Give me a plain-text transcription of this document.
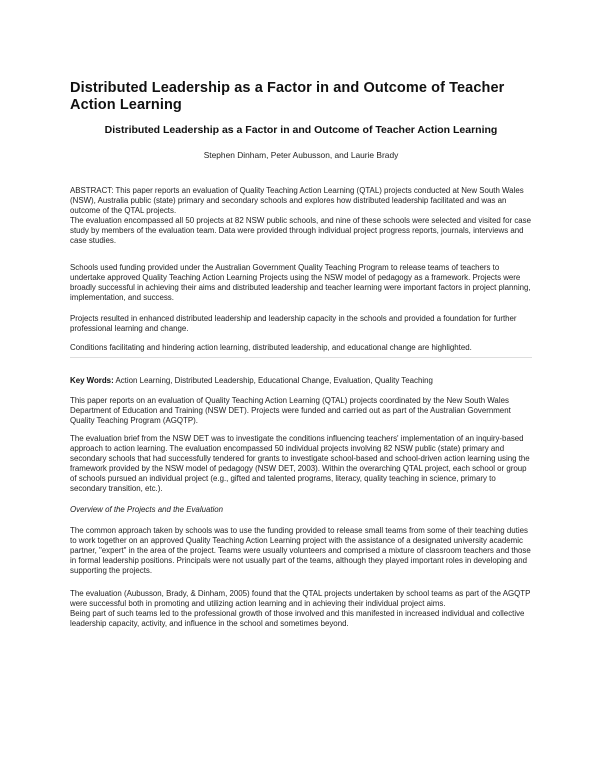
Distributed Leadership as a Factor in and Outcome of Teacher Action Learning
Distributed Leadership as a Factor in and Outcome of Teacher Action Learning

Stephen Dinham, Peter Aubusson, and Laurie Brady

ABSTRACT: This paper reports an evaluation of Quality Teaching Action Learning (QTAL) projects conducted at New South Wales (NSW), Australia public (state) primary and secondary schools and explores how distributed leadership facilitated and was an outcome of the QTAL projects.

The evaluation encompassed all 50 projects at 82 NSW public schools, and nine of these schools were selected and visited for case study by members of the evaluation team. Data were provided through individual project progress reports, journals, interviews and case studies.

Schools used funding provided under the Australian Government Quality Teaching Program to release teams of teachers to undertake approved Quality Teaching Action Learning Projects using the NSW model of pedagogy as a framework. Projects were broadly successful in achieving their aims and distributed leadership and teacher learning were important factors in project planning, implementation, and success.

Projects resulted in enhanced distributed leadership and leadership capacity in the schools and provided a foundation for further professional learning and change.

Conditions facilitating and hindering action learning, distributed leadership, and educational change are highlighted.

Key Words: Action Learning, Distributed Leadership, Educational Change, Evaluation, Quality Teaching

This paper reports on an evaluation of Quality Teaching Action Learning (QTAL) projects coordinated by the New South Wales Department of Education and Training (NSW DET). Projects were funded and carried out as part of the Australian Government Quality Teaching Program (AGQTP).

The evaluation brief from the NSW DET was to investigate the conditions influencing teachers' implementation of an inquiry-based approach to action learning. The evaluation encompassed 50 individual projects involving 82 NSW public (state) primary and secondary schools that had successfully tendered for grants to investigate school-based and school-driven action learning using the framework provided by the NSW model of pedagogy (NSW DET, 2003). Within the overarching QTAL project, each school or group of schools pursued an individual project (e.g., gifted and talented programs, literacy, quality teaching in science, primary to secondary transition, etc.).

Overview of the Projects and the Evaluation

The common approach taken by schools was to use the funding provided to release small teams from some of their teaching duties to work together on an approved Quality Teaching Action Learning project with the assistance of a designated university academic partner, "expert" in the area of the project. Teams were usually volunteers and comprised a mixture of classroom teachers and those in formal leadership positions. Principals were not usually part of the teams, although they played important roles in developing and supporting the projects.

The evaluation (Aubusson, Brady, & Dinham, 2005) found that the QTAL projects undertaken by school teams as part of the AGQTP were successful both in promoting and utilizing action learning and in achieving their individual project aims.

Being part of such teams led to the professional growth of those involved and this manifested in increased individual and collective leadership capacity, activity, and influence in the school and sometimes beyond.
